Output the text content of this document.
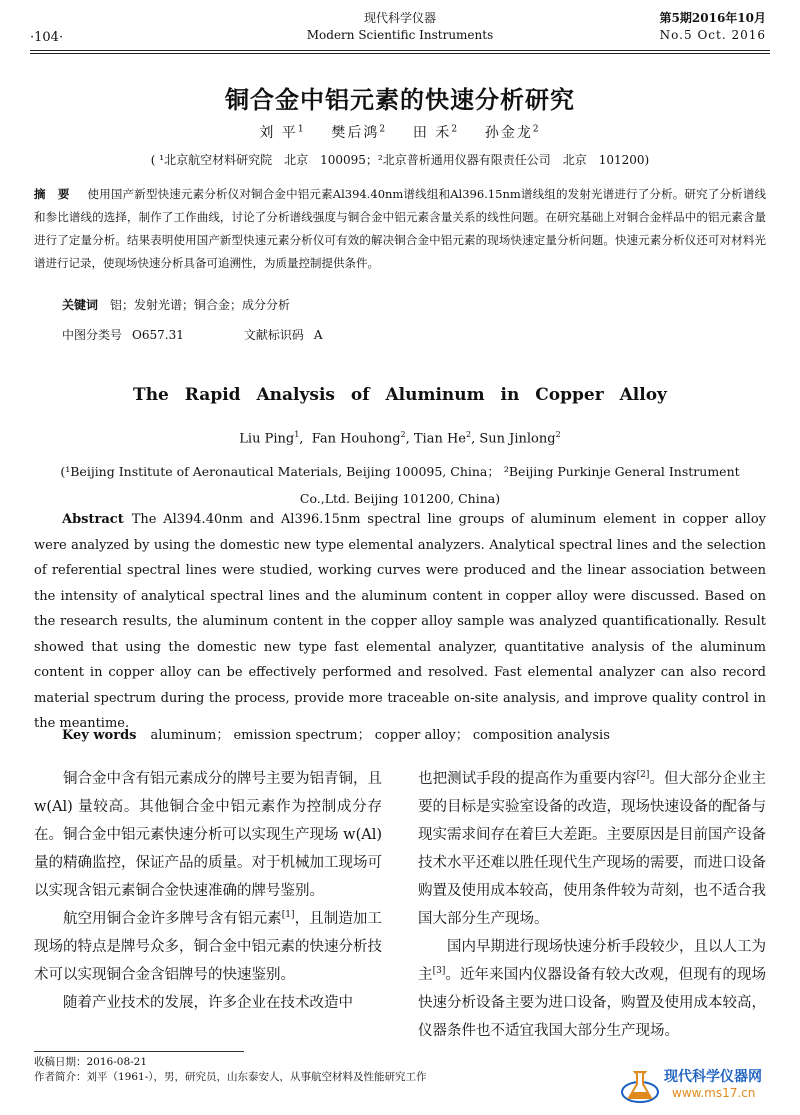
·104·
现代科学仪器
Modern Scientific Instruments
第5期2016年10月
No.5 Oct. 2016
铜合金中铝元素的快速分析研究
刘 平$^1$ 樊后鸿$^2$ 田 禾$^2$ 孙金龙$^2$
( ¹北京航空材料研究院　北京　100095；²北京普析通用仪器有限责任公司　北京　101200)
摘 要 使用国产新型快速元素分析仪对铜合金中铝元素Al394.40nm谱线组和Al396.15nm谱线组的发射光谱进行了分析。研究了分析谱线和参比谱线的选择，制作了工作曲线，讨论了分析谱线强度与铜合金中铝元素含量关系的线性问题。在研究基础上对铜合金样品中的铝元素含量进行了定量分析。结果表明使用国产新型快速元素分析仪可有效的解决铜合金中铝元素的现场快速定量分析问题。快速元素分析仪还可对材料光谱进行记录，使现场快速分析具备可追溯性，为质量控制提供条件。
关键词 铝；发射光谱；铜合金；成分分析
中图分类号 O657.31	文献标识码 A
The Rapid Analysis of Aluminum in Copper Alloy
Liu Ping$^1$,  Fan Houhong$^2$, Tian He$^2$, Sun Jinlong$^2$
(¹Beijing Institute of Aeronautical Materials, Beijing 100095, China； ²Beijing Purkinje General Instrument Co.,Ltd. Beijing 101200, China)
Abstract The Al394.40nm and Al396.15nm spectral line groups of aluminum element in copper alloy were analyzed by using the domestic new type elemental analyzers. Analytical spectral lines and the selection of referential spectral lines were studied, working curves were produced and the linear association between the intensity of analytical spectral lines and the aluminum content in copper alloy were discussed. Based on the research results, the aluminum content in the copper alloy sample was analyzed quantificationally. Result showed that using the domestic new type fast elemental analyzer, quantitative analysis of the aluminum content in copper alloy can be effectively performed and resolved. Fast elemental analyzer can also record material spectrum during the process, provide more traceable on-site analysis, and improve quality control in the meantime.
Key words aluminum； emission spectrum； copper alloy； composition analysis

铜合金中含有铝元素成分的牌号主要为铝青铜，且 w(Al) 量较高。其他铜合金中铝元素作为控制成分存在。铜合金中铝元素快速分析可以实现生产现场 w(Al) 量的精确监控，保证产品的质量。对于机械加工现场可以实现含铝元素铜合金快速准确的牌号鉴别。

航空用铜合金许多牌号含有铝元素[1]，且制造加工现场的特点是牌号众多，铜合金中铝元素的快速分析技术可以实现铜合金含铝牌号的快速鉴别。

随着产业技术的发展，许多企业在技术改造中

也把测试手段的提高作为重要内容[2]。但大部分企业主要的目标是实验室设备的改造，现场快速设备的配备与现实需求间存在着巨大差距。主要原因是目前国产设备技术水平还难以胜任现代生产现场的需要，而进口设备购置及使用成本较高，使用条件较为苛刻，也不适合我国大部分生产现场。

国内早期进行现场快速分析手段较少，且以人工为主[3]。近年来国内仪器设备有较大改观，但现有的现场快速分析设备主要为进口设备，购置及使用成本较高，仪器条件也不适宜我国大部分生产现场。

收稿日期：2016-08-21
作者简介：刘平（1961-），男，研究员，山东泰安人，从事航空材料及性能研究工作	现代科学仪器网
www.ms17.cn
